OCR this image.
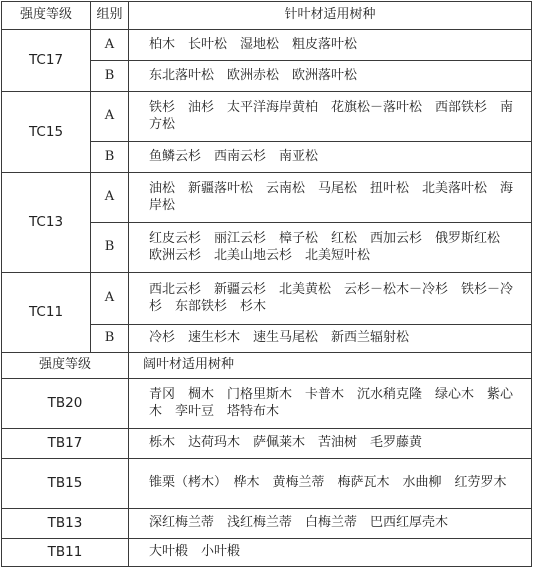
强度等级	组别	针叶材适用树种
TC17	A	柏木　长叶松　湿地松　粗皮落叶松
	B	东北落叶松　欧洲赤松　欧洲落叶松
TC15	A	铁杉　油杉　太平洋海岸黄柏　花旗松－落叶松　西部铁杉　南方松
	B	鱼鳞云杉　西南云杉　南亚松
TC13	A	油松　新疆落叶松　云南松　马尾松　扭叶松　北美落叶松　海岸松
	B	红皮云杉　丽江云杉　樟子松　红松　西加云杉　俄罗斯红松　欧洲云杉　北美山地云杉　北美短叶松
TC11	A	西北云杉　新疆云杉　北美黄松　云杉－松木－冷杉　铁杉－冷杉　东部铁杉　杉木
	B	冷杉　速生杉木　速生马尾松　新西兰辐射松
强度等级		阔叶材适用树种
TB20		青冈　椆木　门格里斯木　卡普木　沉水稍克隆　绿心木　紫心木　孪叶豆　塔特布木
TB17		栎木　达荷玛木　萨佩莱木　苦油树　毛罗藤黄
TB15		锥栗（栲木）　桦木　黄梅兰蒂　梅萨瓦木　水曲柳　红劳罗木
TB13		深红梅兰蒂　浅红梅兰蒂　白梅兰蒂　巴西红厚壳木
TB11		大叶椴　小叶椴
